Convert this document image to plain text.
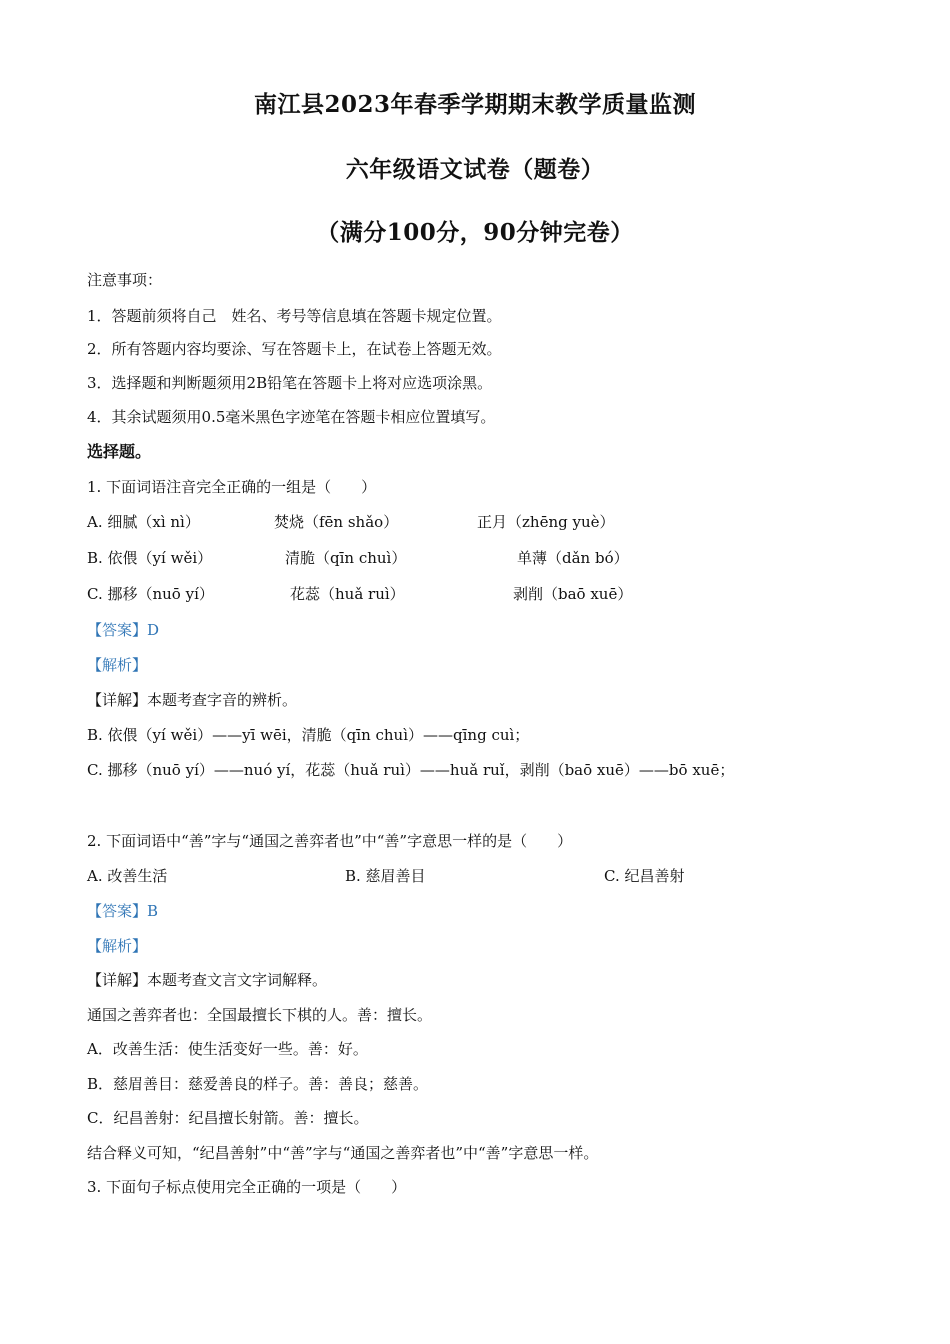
南江县2023年春季学期期末教学质量监测
六年级语文试卷（题卷）
（满分100分，90分钟完卷）
注意事项：
1．答题前须将自己　姓名、考号等信息填在答题卡规定位置。
2．所有答题内容均要涂、写在答题卡上，在试卷上答题无效。
3．选择题和判断题须用2B铅笔在答题卡上将对应选项涂黑。
4．其余试题须用0.5毫米黑色字迹笔在答题卡相应位置填写。
选择题。
1. 下面词语注音完全正确的一组是（　　）
A. 细腻（xì nì）	焚烧（fēn shǎo）	正月（zhēng yuè）
B. 依偎（yí wěi）	清脆（qīn chuì）	单薄（dǎn bó）
C. 挪移（nuō yí）	花蕊（huǎ ruì）	剥削（baō xuē）
【答案】D
【解析】
【详解】本题考查字音的辨析。
B. 依偎（yí wěi）——yī wēi，清脆（qīn chuì）——qīng cuì；
C. 挪移（nuō yí）——nuó yí，花蕊（huǎ ruì）——huǎ ruǐ，剥削（baō xuē）——bō xuē；
2. 下面词语中“善”字与“通国之善弈者也”中“善”字意思一样的是（　　）
A. 改善生活	B. 慈眉善目	C. 纪昌善射
【答案】B
【解析】
【详解】本题考查文言文字词解释。
通国之善弈者也：全国最擅长下棋的人。善：擅长。
A．改善生活：使生活变好一些。善：好。
B．慈眉善目：慈爱善良的样子。善：善良；慈善。
C．纪昌善射：纪昌擅长射箭。善：擅长。
结合释义可知，“纪昌善射”中“善”字与“通国之善弈者也”中“善”字意思一样。
3. 下面句子标点使用完全正确的一项是（　　）
